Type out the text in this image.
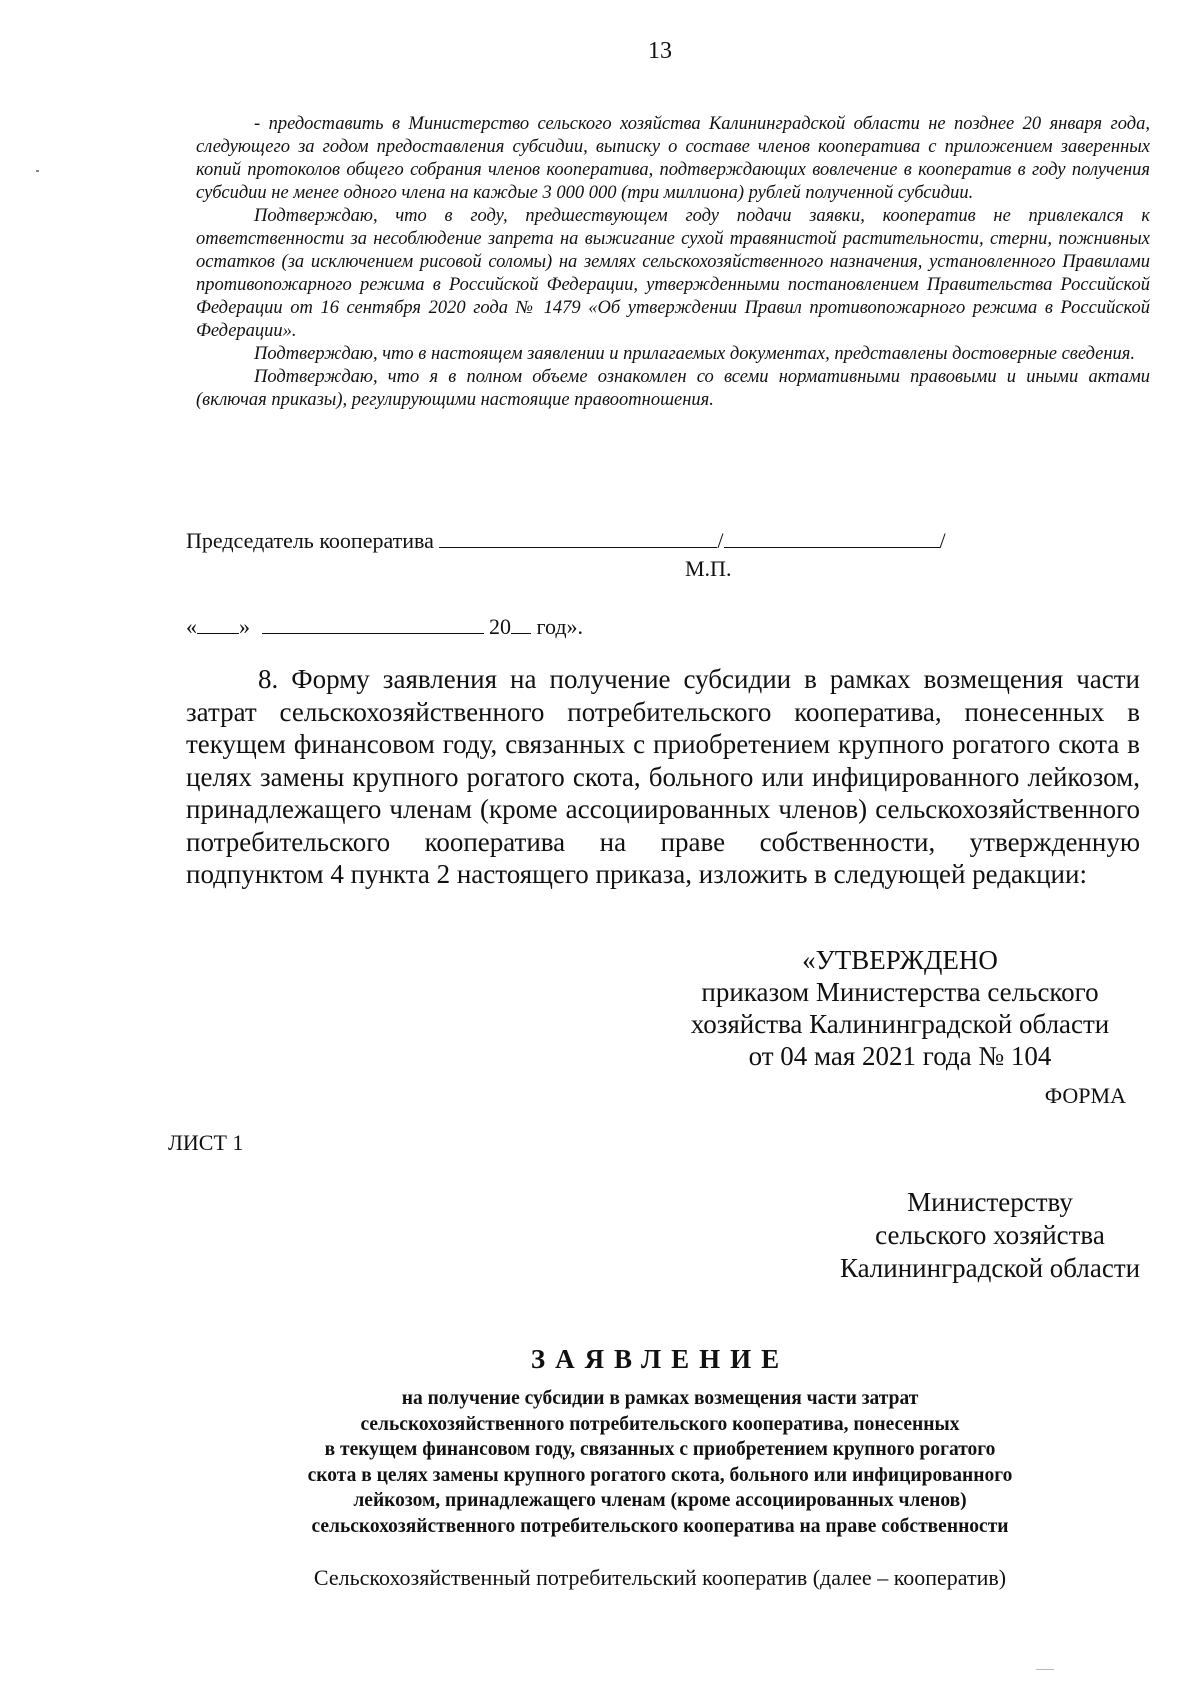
13

- предоставить в Министерство сельского хозяйства Калининградской области не позднее 20 января года, следующего за годом предоставления субсидии, выписку о составе членов кооператива с приложением заверенных копий протоколов общего собрания членов кооператива, подтверждающих вовлечение в кооператив в году получения субсидии не менее одного члена на каждые 3 000 000 (три миллиона) рублей полученной субсидии.

Подтверждаю, что в году, предшествующем году подачи заявки, кооператив не привлекался к ответственности за несоблюдение запрета на выжигание сухой травянистой растительности, стерни, пожнивных остатков (за исключением рисовой соломы) на землях сельскохозяйственного назначения, установленного Правилами противопожарного режима в Российской Федерации, утвержденными постановлением Правительства Российской Федерации от 16 сентября 2020 года № 1479 «Об утверждении Правил противопожарного режима в Российской Федерации».

Подтверждаю, что в настоящем заявлении и прилагаемых документах, представлены достоверные сведения.

Подтверждаю, что я в полном объеме ознакомлен со всеми нормативными правовыми и иными актами (включая приказы), регулирующими настоящие правоотношения.

Председатель кооператива	/	/
М.П.
« »	20 год».

8. Форму заявления на получение субсидии в рамках возмещения части затрат сельскохозяйственного потребительского кооператива, понесенных в текущем финансовом году, связанных с приобретением крупного рогатого скота в целях замены крупного рогатого скота, больного или инфицированного лейкозом, принадлежащего членам (кроме ассоциированных членов) сельскохозяйственного потребительского кооператива на праве собственности, утвержденную подпунктом 4 пункта 2 настоящего приказа, изложить в следующей редакции:

«УТВЕРЖДЕНО
приказом Министерства сельского
хозяйства Калининградской области
от 04 мая 2021 года № 104
ФОРМА
ЛИСТ 1
Министерству
сельского хозяйства
Калининградской области
ЗАЯВЛЕНИЕ
на получение субсидии в рамках возмещения части затрат
сельскохозяйственного потребительского кооператива, понесенных
в текущем финансовом году, связанных с приобретением крупного рогатого
скота в целях замены крупного рогатого скота, больного или инфицированного
лейкозом, принадлежащего членам (кроме ассоциированных членов)
сельскохозяйственного потребительского кооператива на праве собственности
Сельскохозяйственный потребительский кооператив (далее – кооператив)
